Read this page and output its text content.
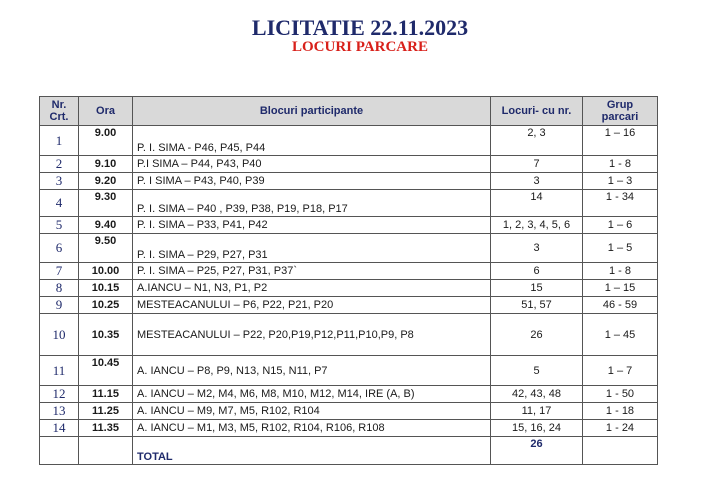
LICITATIE 22.11.2023
LOCURI PARCARE
Nr.
Crt.	Ora	Blocuri participante	Locuri- cu nr.	Grup
parcari
1	9.00	P. I. SIMA - P46, P45, P44	2, 3	1 – 16
2	9.10	P.I SIMA – P44, P43, P40	7	1 - 8
3	9.20	P. I SIMA – P43, P40, P39	3	1 – 3
4	9.30	P. I. SIMA – P40 , P39, P38, P19, P18, P17	14	1 - 34
5	9.40	P. I. SIMA – P33, P41, P42	1, 2, 3, 4, 5, 6	1 – 6
6	9.50	P. I. SIMA – P29, P27, P31	3	1 – 5
7	10.00	P. I. SIMA – P25, P27, P31, P37`	6	1 - 8
8	10.15	A.IANCU – N1, N3, P1, P2	15	1 – 15
9	10.25	MESTEACANULUI – P6, P22, P21, P20	51, 57	46 - 59
10	10.35	MESTEACANULUI – P22, P20,P19,P12,P11,P10,P9, P8	26	1 – 45
11	10.45	A. IANCU – P8, P9, N13, N15, N11, P7	5	1 – 7
12	11.15	A. IANCU – M2, M4, M6, M8, M10, M12, M14, IRE (A, B)	42, 43, 48	1 - 50
13	11.25	A. IANCU – M9, M7, M5, R102, R104	11, 17	1 - 18
14	11.35	A. IANCU – M1, M3, M5, R102, R104, R106, R108	15, 16, 24	1 - 24
		TOTAL	26	
